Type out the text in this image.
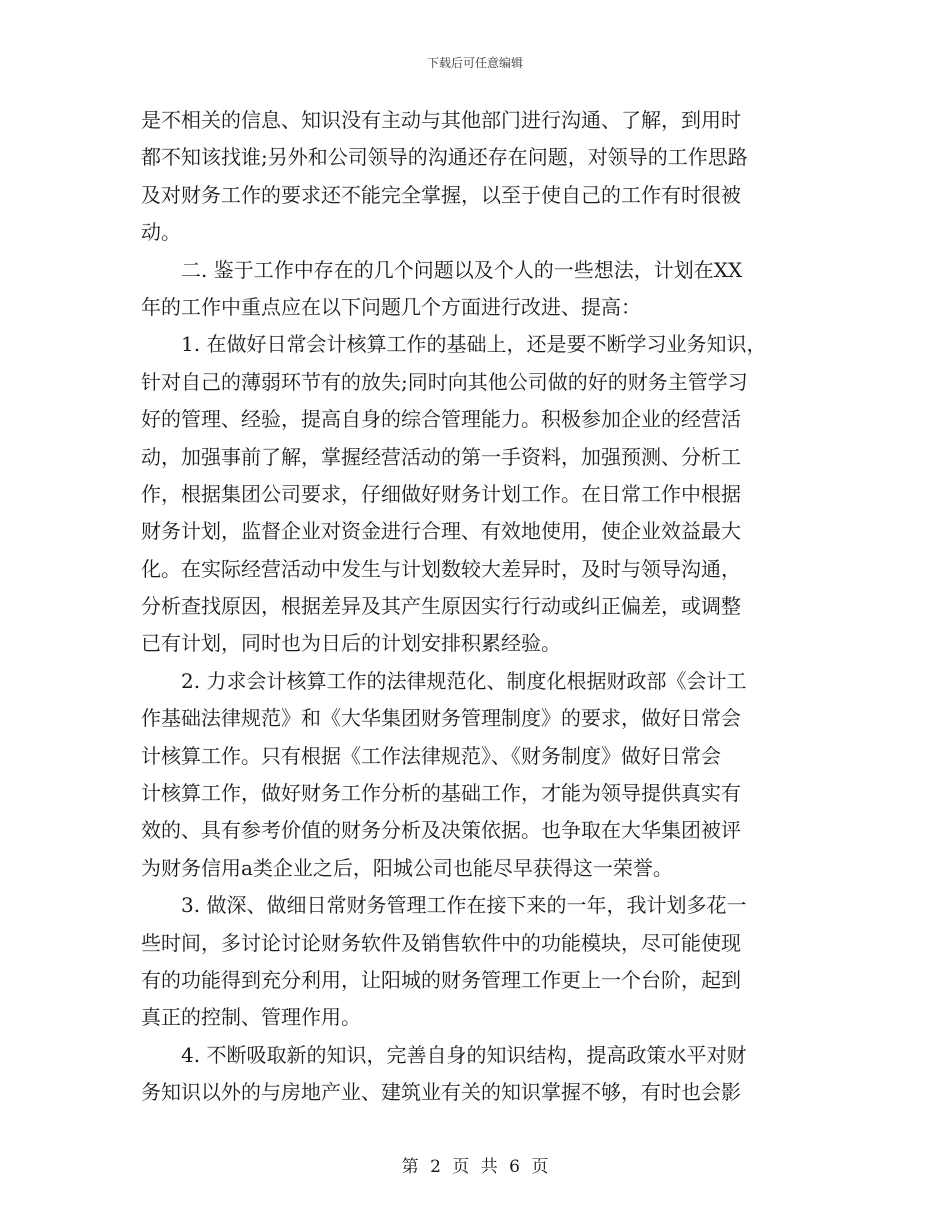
下载后可任意编辑
是不相关的信息、知识没有主动与其他部门进行沟通、了解，到用时
都不知该找谁;另外和公司领导的沟通还存在问题，对领导的工作思路
及对财务工作的要求还不能完全掌握，以至于使自己的工作有时很被
动。
二. 鉴于工作中存在的几个问题以及个人的一些想法，计划在XX
年的工作中重点应在以下问题几个方面进行改进、提高：
1. 在做好日常会计核算工作的基础上，还是要不断学习业务知识，
针对自己的薄弱环节有的放失;同时向其他公司做的好的财务主管学习
好的管理、经验，提高自身的综合管理能力。积极参加企业的经营活
动，加强事前了解，掌握经营活动的第一手资料，加强预测、分析工
作，根据集团公司要求，仔细做好财务计划工作。在日常工作中根据
财务计划，监督企业对资金进行合理、有效地使用，使企业效益最大
化。在实际经营活动中发生与计划数较大差异时，及时与领导沟通，
分析查找原因，根据差异及其产生原因实行行动或纠正偏差，或调整
已有计划，同时也为日后的计划安排积累经验。
2. 力求会计核算工作的法律规范化、制度化根据财政部《会计工
作基础法律规范》和《大华集团财务管理制度》的要求，做好日常会
计核算工作。只有根据《工作法律规范》、《财务制度》做好日常会
计核算工作，做好财务工作分析的基础工作，才能为领导提供真实有
效的、具有参考价值的财务分析及决策依据。也争取在大华集团被评
为财务信用a类企业之后，阳城公司也能尽早获得这一荣誉。
3. 做深、做细日常财务管理工作在接下来的一年，我计划多花一
些时间，多讨论讨论财务软件及销售软件中的功能模块，尽可能使现
有的功能得到充分利用，让阳城的财务管理工作更上一个台阶，起到
真正的控制、管理作用。
4. 不断吸取新的知识，完善自身的知识结构，提高政策水平对财
务知识以外的与房地产业、建筑业有关的知识掌握不够，有时也会影
第 2 页 共 6 页
